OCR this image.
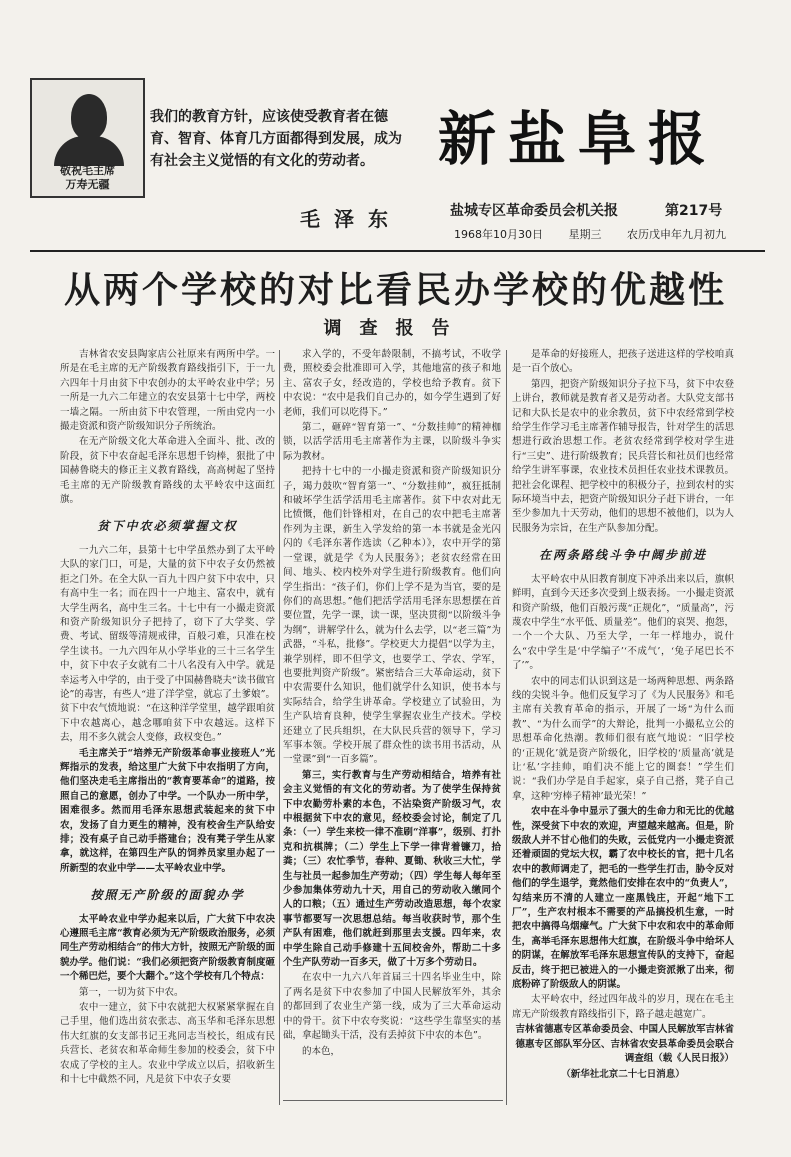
敬祝毛主席
万寿无疆
我们的教育方针，应该使受教育者在德育、智育、体育几方面都得到发展，成为有社会主义觉悟的有文化的劳动者。
毛泽东
新盐阜报
盐城专区革命委员会机关报	第217号
1968年10月30日 星期三 农历戊申年九月初九
从两个学校的对比看民办学校的优越性
调查报告

吉林省农安县陶家店公社原来有两所中学。一所是在毛主席的无产阶级教育路线指引下，于一九六四年十月由贫下中农创办的太平岭农业中学；另一所是一九六二年建立的农安县第十七中学，两校一墙之隔。一所由贫下中农管理，一所由党内一小撮走资派和资产阶级知识分子所统治。

在无产阶级文化大革命进入全面斗、批、改的阶段，贫下中农奋起毛泽东思想千钧棒，狠批了中国赫鲁晓夫的修正主义教育路线，高高树起了坚持毛主席的无产阶级教育路线的太平岭农中这面红旗。

贫下中农必须掌握文权

一九六二年，县第十七中学虽然办到了太平岭大队的家门口，可是，大量的贫下中农子女仍然被拒之门外。在全大队一百九十四户贫下中农中，只有高中生一名；而在四十一户地主、富农中，就有大学生两名，高中生三名。十七中有一小撮走资派和资产阶级知识分子把持了，窃下了大学奖、学费、考试、留级等清规戒律，百般刁难，只准在校学生读书。一九六四年从小学毕业的三十三名学生中，贫下中农子女就有二十八名没有入中学。就是幸运考入中学的，由于受了中国赫鲁晓夫“读书做官论”的毒害，有些人“进了洋学堂，就忘了土爹娘”。贫下中农气愤地说：“在这种洋学堂里，越学跟咱贫下中农越离心，越念哪咱贫下中农越远。这样下去，用不多久就会人变修，政权变色。”

毛主席关于“培养无产阶级革命事业接班人”光辉指示的发表，给这里广大贫下中农指明了方向，他们坚决走毛主席指出的“教育要革命”的道路，按照自己的意愿，创办了中学。一个队办一所中学，困难很多。然而用毛泽东思想武装起来的贫下中农，发扬了自力更生的精神，没有校舍生产队给安排；没有桌子自己动手搭建台；没有凳子学生从家拿，就这样，在第四生产队的饲养员家里办起了一所新型的农业中学——太平岭农业中学。

按照无产阶级的面貌办学

太平岭农业中学办起来以后，广大贫下中农决心遵照毛主席“教育必须为无产阶级政治服务，必须同生产劳动相结合”的伟大方针，按照无产阶级的面貌办学。他们说：“我们必须把资产阶级教育制度砸一个稀巴烂，要个大翻个。”这个学校有几个特点：

第一，一切为贫下中农。

农中一建立，贫下中农就把大权紧紧掌握在自己手里，他们选出贫农张志、高玉华和毛泽东思想伟大红旗的女支部书记王兆同志当校长，组成有民兵营长、老贫农和革命师生参加的校委会，贫下中农成了学校的主人。农业中学成立以后，招收新生和十七中截然不同，凡是贫下中农子女要

求入学的，不受年龄限制，不搞考试，不收学费，照校委会批准即可入学，其他地富的孩子和地主、富农子女，经改造的，学校也给予教育。贫下中农说：“农中是我们自己办的，如今学生遇到了好老师，我们可以吃得下。”

第二，砸碎“智育第一”、“分数挂帅”的精神枷锁，以活学活用毛主席著作为主课，以阶级斗争实际为教材。

把持十七中的一小撮走资派和资产阶级知识分子，竭力鼓吹“智育第一”、“分数挂帅”，疯狂抵制和破坏学生活学活用毛主席著作。贫下中农对此无比愤慨，他们针锋相对，在自己的农中把毛主席著作列为主课，新生入学发给的第一本书就是金光闪闪的《毛泽东著作选读（乙种本）》，农中开学的第一堂课，就是学《为人民服务》；老贫农经常在田间、地头、校内校外对学生进行阶级教育。他们向学生指出：“孩子们，你们上学不是为当官，要的是你们的高思想。”他们把活学活用毛泽东思想摆在首要位置，先学一课，读一课，坚决贯彻“以阶级斗争为纲”，讲解学什么，就为什么去学，以“老三篇”为武器，“斗私，批修”。学校更大力提倡“以学为主，兼学别样，即不但学文，也要学工、学农、学军，也要批判资产阶级”。紧密结合三大革命运动，贫下中农需要什么知识，他们就学什么知识，使书本与实际结合，给学生讲革命。学校建立了试验田，为生产队培育良种，使学生掌握农业生产技术。学校还建立了民兵组织，在大队民兵营的领导下，学习军事本领。学校开展了群众性的读书用书活动，从一堂课”到“一百多篇”。

第三，实行教育与生产劳动相结合，培养有社会主义觉悟的有文化的劳动者。为了使学生保持贫下中农勤劳朴素的本色，不沾染资产阶级习气，农中根据贫下中农的意见，经校委会讨论，制定了几条：（一）学生来校一律不准刷“洋事”，级别、打扑克和抗棋牌；（二）学生上下学一律背着镰刀，拾粪；（三）农忙季节，春种、夏锄、秋收三大忙，学生与社员一起参加生产劳动；（四）学生每人每年至少参加集体劳动九十天，用自己的劳动收入缴同个人的口粮；（五）通过生产劳动改造思想，每个农家事节都要写一次思想总结。每当收获时节，那个生产队有困难，他们就赶到那里去支援。四年来，农中学生除自己动手修建十五间校舍外，帮助二十多个生产队劳动一百多天，做了十万多个劳动日。

在农中一九六八年首届三十四名毕业生中，除了两名是贫下中农参加了中国人民解放军外，其余的都回到了农业生产第一线，成为了三大革命运动中的骨干。贫下中农夸奖说：“这些学生靠坚实的基础，拿起锄头干活，没有丢掉贫下中农的本色”。

的本色，

是革命的好接班人，把孩子送进这样的学校咱真是一百个放心。

第四，把资产阶级知识分子拉下马，贫下中农登上讲台，教师就是教育者又是劳动者。大队党支部书记和大队长是农中的业余教员，贫下中农经常到学校给学生作学习毛主席著作辅导报告，针对学生的活思想进行政治思想工作。老贫农经常到学校对学生进行“三史”、进行阶级教育；民兵营长和社员们也经常给学生讲军事课，农业技术员担任农业技术课教员。把社会化课程、把学校中的积极分子，拉到农村的实际环境当中去，把资产阶级知识分子赶下讲台，一年至少参加九十天劳动，他们的思想不被他们，以为人民服务为宗旨，在生产队参加分配。

在两条路线斗争中阔步前进

太平岭农中从旧教育制度下冲杀出来以后，旗帜鲜明，直到今天还多次受到上级表扬。一小撮走资派和资产阶级，他们百般污蔑“正规化”，“质量高”，污蔑农中学生“水平低、质量差”。他们的哀哭、抱怨，一个一个大队、乃至大学，一年一样地办，说什么“农中学生是‘中学编子’‘不成气’，‘兔子尾巴长不了’”。

农中的同志们认识到这是一场两种思想、两条路线的尖锐斗争。他们反复学习了《为人民服务》和毛主席有关教育革命的指示，开展了一场“为什么而教”、“为什么而学”的大辩论，批判一小撮私立公的思想革命化热潮。教师们很有底气地说：“旧学校的‘正规化’就是资产阶级化，旧学校的‘质量高’就是让‘私’字挂帅，咱们决不能上它的圈套！”学生们说：“我们办学是自手起家，桌子自己搭，凳子自己拿，这种‘穷棒子精神’最光荣！”

农中在斗争中显示了强大的生命力和无比的优越性，深受贫下中农的欢迎，声望越来越高。但是，阶级敌人并不甘心他们的失败，云低党内一小撮走资派还着顽固的党坛大权，霸了农中校长的官，把十几名农中的教师调走了，把毛的一些学生打击，胁令反对他们的学生退学，竟然他们安排在农中的“负责人”，勾结来历不清的人建立一座黑钱庄，开起“地下工厂”，生产农村根本不需要的产品搞投机生意，一时把农中搞得乌烟瘴气。广大贫下中农和农中的革命师生，高举毛泽东思想伟大红旗，在阶级斗争中给坏人的阴谋，在解放军毛泽东思想宣传队的支持下，奋起反击，终于把已被进入的一小撮走资派揪了出来，彻底粉碎了阶级敌人的阴谋。

太平岭农中，经过四年战斗的岁月，现在在毛主席无产阶级教育路线指引下，路子越走越宽广。

吉林省德惠专区革命委员会、中国人民解放军吉林省德惠专区部队军分区、吉林省农安县革命委员会联合调查组（载《人民日报》）

（新华社北京二十七日消息）
